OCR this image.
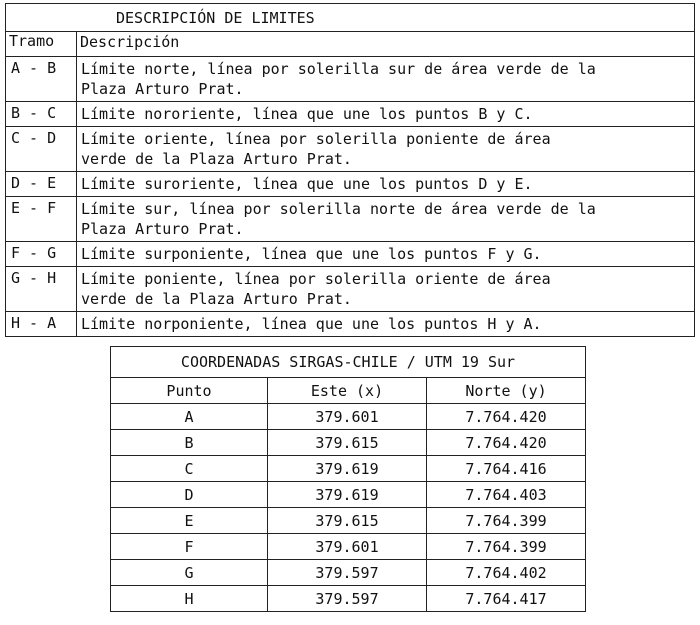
DESCRIPCIÓN DE LIMITES	
Tramo	Descripción
A - B	Límite norte, línea por solerilla sur de área verde de la
Plaza Arturo Prat.

B - C	Límite nororiente, línea que une los puntos B y C.

C - D	Límite oriente, línea por solerilla poniente de área
verde de la Plaza Arturo Prat.

D - E	Límite suroriente, línea que une los puntos D y E.

E - F	Límite sur, línea por solerilla norte de área verde de la
Plaza Arturo Prat.

F - G	Límite surponiente, línea que une los puntos F y G.

G - H	Límite poniente, línea por solerilla oriente de área
verde de la Plaza Arturo Prat.

H - A	Límite norponiente, línea que une los puntos H y A.
COORDENADAS SIRGAS-CHILE / UTM 19 Sur		
Punto	Este (x)	Norte (y)
A	379.601	7.764.420
B	379.615	7.764.420
C	379.619	7.764.416
D	379.619	7.764.403
E	379.615	7.764.399
F	379.601	7.764.399
G	379.597	7.764.402
H	379.597	7.764.417
